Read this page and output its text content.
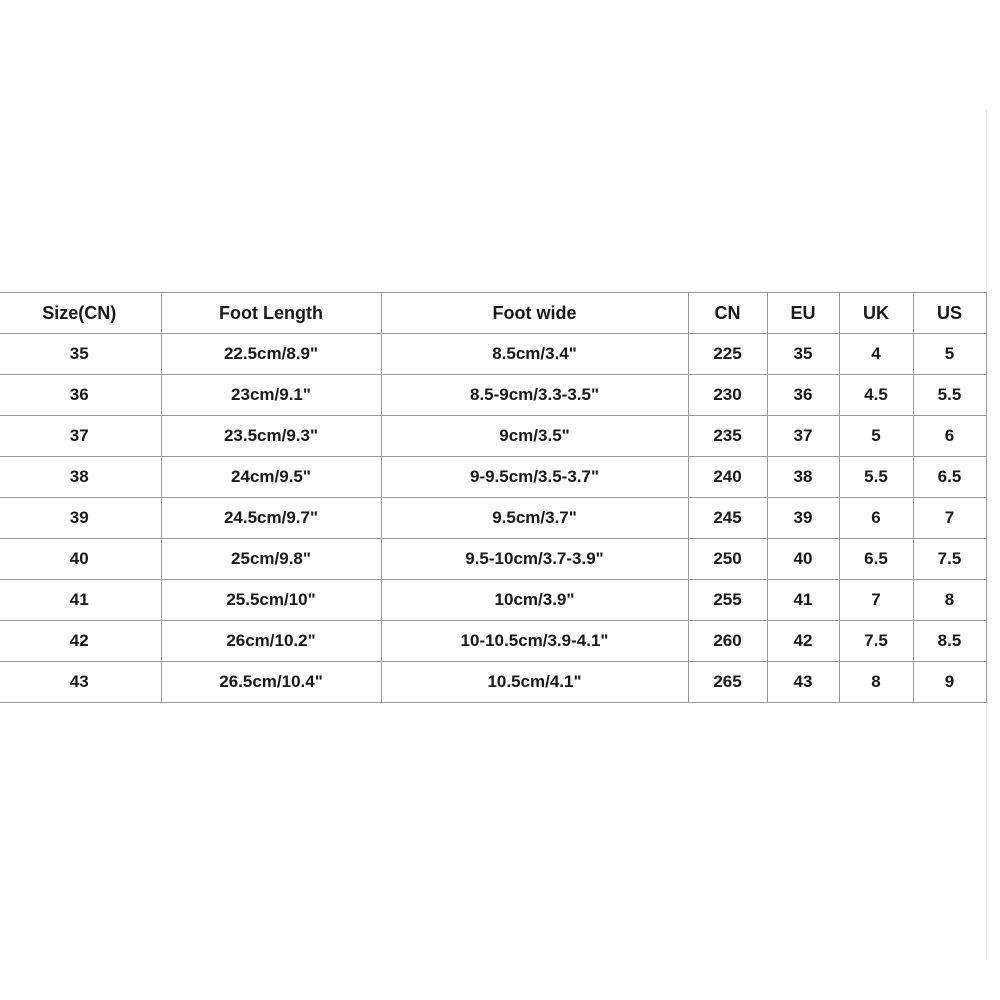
Size(CN)	Foot Length	Foot wide	CN	EU	UK	US
35	22.5cm/8.9"	8.5cm/3.4"	225	35	4	5
36	23cm/9.1"	8.5-9cm/3.3-3.5"	230	36	4.5	5.5
37	23.5cm/9.3"	9cm/3.5"	235	37	5	6
38	24cm/9.5"	9-9.5cm/3.5-3.7"	240	38	5.5	6.5
39	24.5cm/9.7"	9.5cm/3.7"	245	39	6	7
40	25cm/9.8"	9.5-10cm/3.7-3.9"	250	40	6.5	7.5
41	25.5cm/10"	10cm/3.9"	255	41	7	8
42	26cm/10.2"	10-10.5cm/3.9-4.1"	260	42	7.5	8.5
43	26.5cm/10.4"	10.5cm/4.1"	265	43	8	9
